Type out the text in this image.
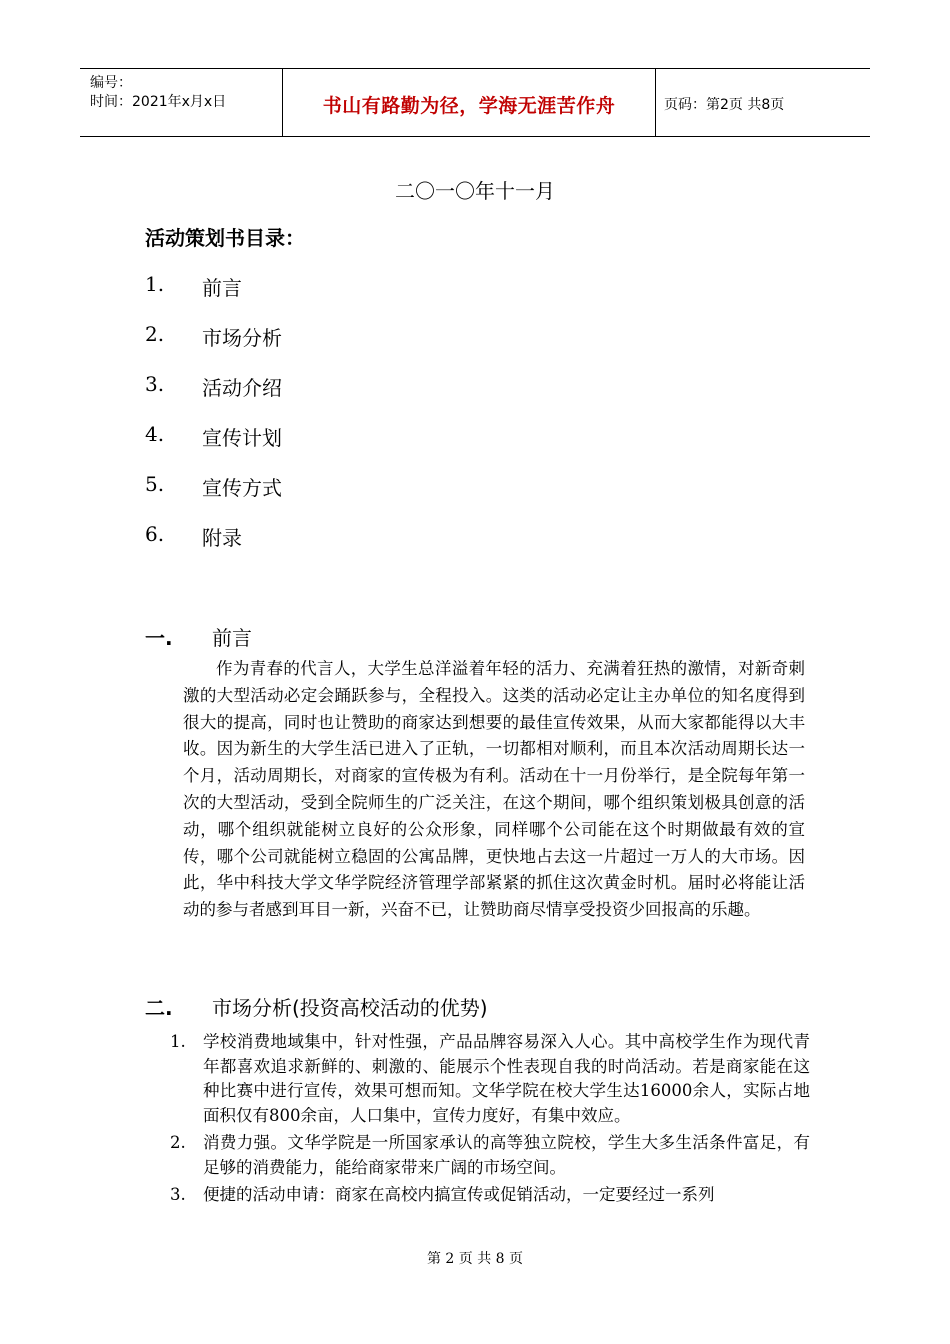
编号：
时间：2021年x月x日	书山有路勤为径，学海无涯苦作舟	页码：第2页 共8页
二〇一〇年十一月
活动策划书目录：
1.	前言
2.	市场分析
3.	活动介绍
4.	宣传计划
5.	宣传方式
6.	附录
一. 前言
作为青春的代言人，大学生总洋溢着年轻的活力、充满着狂热的激情，对新奇刺激的大型活动必定会踊跃参与，全程投入。这类的活动必定让主办单位的知名度得到很大的提高，同时也让赞助的商家达到想要的最佳宣传效果，从而大家都能得以大丰收。因为新生的大学生活已进入了正轨，一切都相对顺利，而且本次活动周期长达一个月，活动周期长，对商家的宣传极为有利。活动在十一月份举行，是全院每年第一次的大型活动，受到全院师生的广泛关注，在这个期间，哪个组织策划极具创意的活动，哪个组织就能树立良好的公众形象，同样哪个公司能在这个时期做最有效的宣传，哪个公司就能树立稳固的公寓品牌，更快地占去这一片超过一万人的大市场。因此，华中科技大学文华学院经济管理学部紧紧的抓住这次黄金时机。届时必将能让活动的参与者感到耳目一新，兴奋不已，让赞助商尽情享受投资少回报高的乐趣。
二. 市场分析(投资高校活动的优势)
1. 学校消费地域集中，针对性强，产品品牌容易深入人心。其中高校学生作为现代青年都喜欢追求新鲜的、刺激的、能展示个性表现自我的时尚活动。若是商家能在这种比赛中进行宣传，效果可想而知。文华学院在校大学生达16000余人，实际占地面积仅有800余亩，人口集中，宣传力度好，有集中效应。
2. 消费力强。文华学院是一所国家承认的高等独立院校，学生大多生活条件富足，有足够的消费能力，能给商家带来广阔的市场空间。
3. 便捷的活动申请：商家在高校内搞宣传或促销活动，一定要经过一系列
第 2 页 共 8 页
